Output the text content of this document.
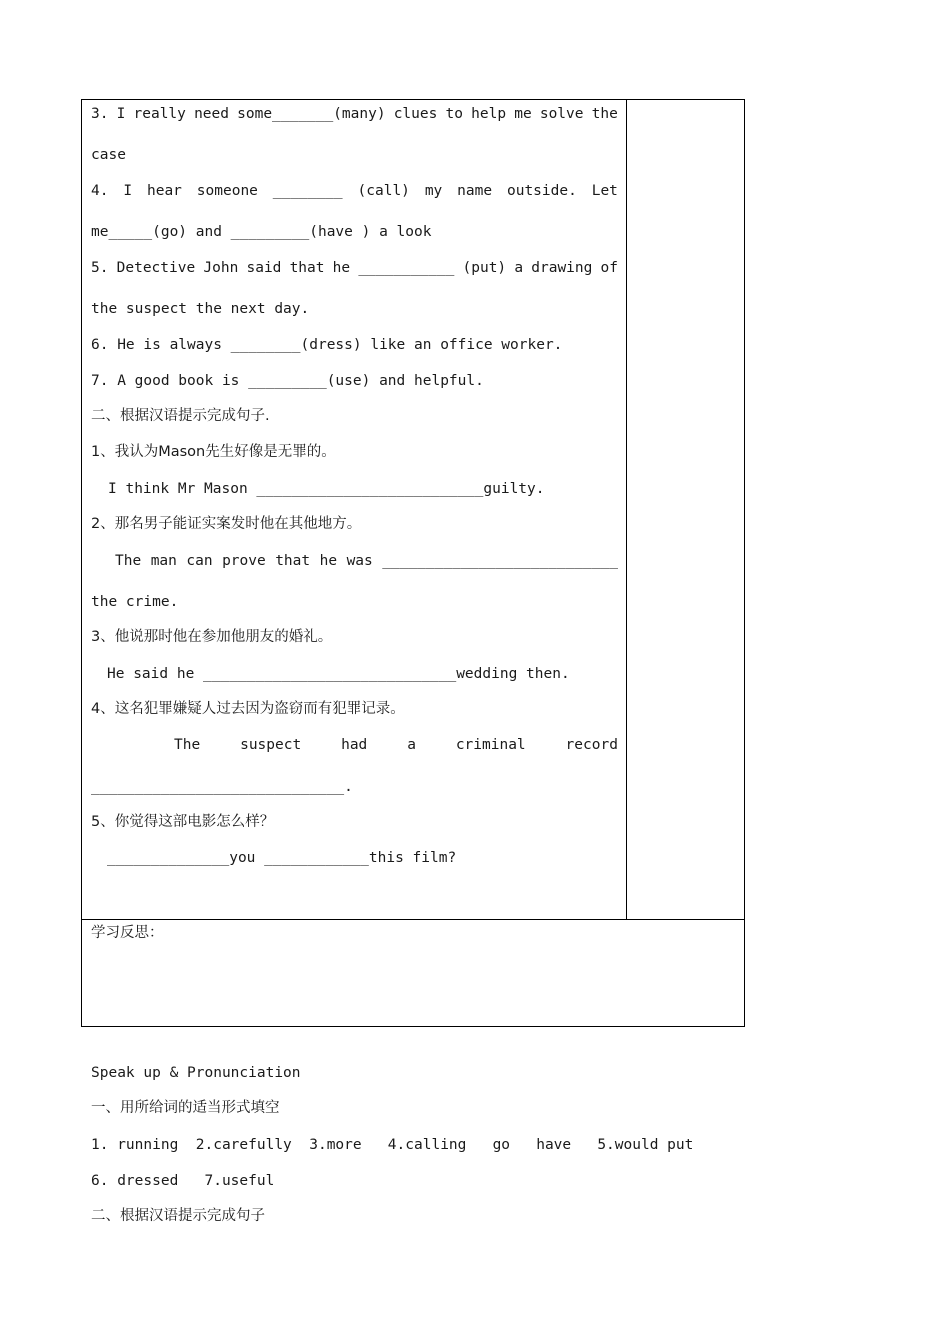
3. I really need some_______(many) clues to help me solve the
case
4. I hear someone ________ (call) my name outside. Let
me_____(go) and _________(have ) a look
5. Detective John said that he ___________ (put) a drawing of
the suspect the next day.
6. He is always ________(dress) like an office worker.
7. A good book is _________(use) and helpful.
二、根据汉语提示完成句子.
1、我认为Mason先生好像是无罪的。
I think Mr Mason __________________________guilty.
2、那名男子能证实案发时他在其他地方。
The man can prove that he was ___________________________
the crime.
3、他说那时他在参加他朋友的婚礼。
He said he _____________________________wedding then.
4、这名犯罪嫌疑人过去因为盗窃而有犯罪记录。
The	suspect	had	a	criminal	record
_____________________________.
5、你觉得这部电影怎么样？
______________you ____________this film?
学习反思：
Speak up & Pronunciation
一、用所给词的适当形式填空
1. running  2.carefully  3.more   4.calling   go   have   5.would put
6. dressed   7.useful
二、根据汉语提示完成句子
